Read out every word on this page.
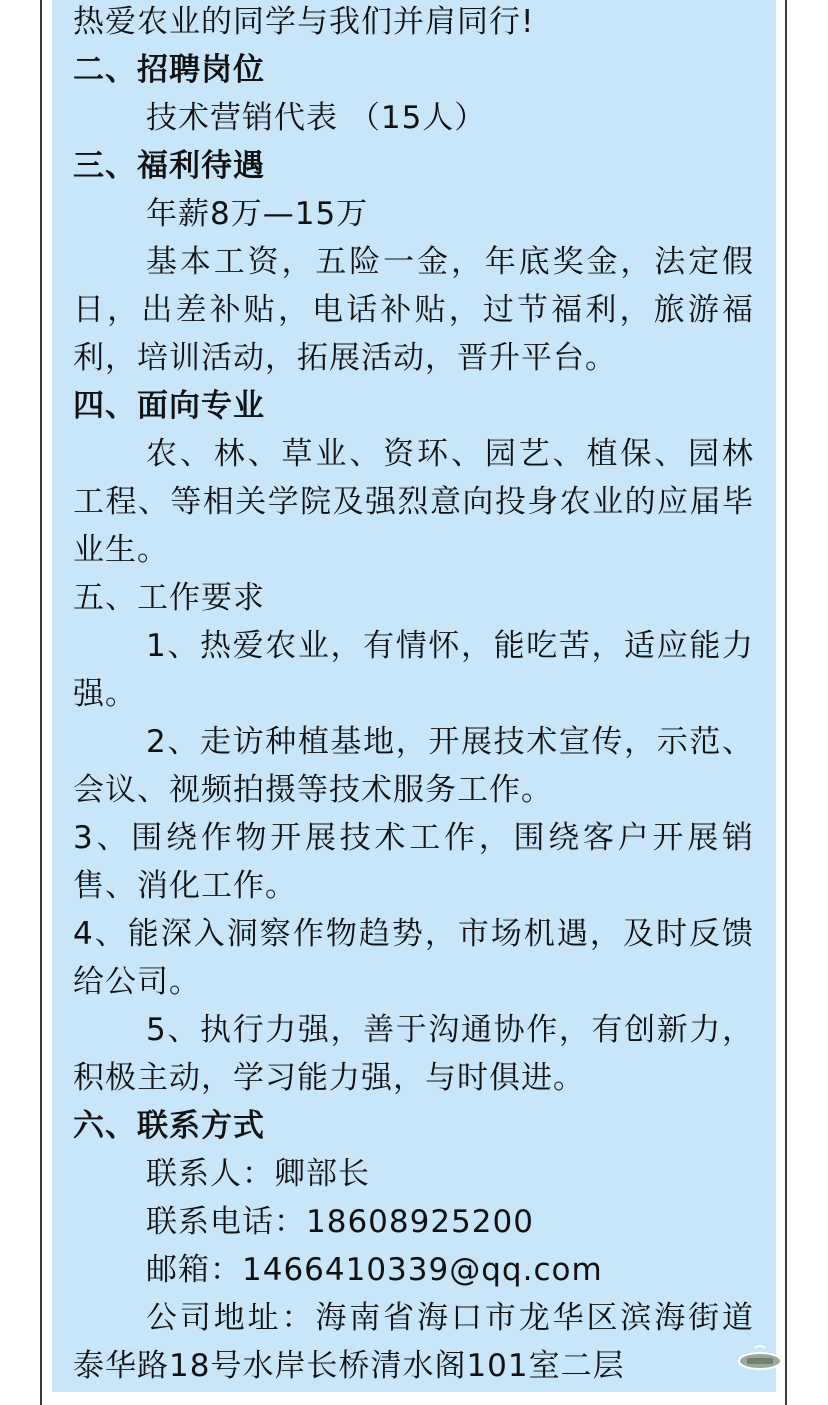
热爱农业的同学与我们并肩同行!
二、招聘岗位
技术营销代表 （15人）
三、福利待遇
年薪8万—15万
基本工资，五险一金，年底奖金，法定假
日，出差补贴，电话补贴，过节福利，旅游福
利，培训活动，拓展活动，晋升平台。
四、面向专业
农、林、草业、资环、园艺、植保、园林
工程、等相关学院及强烈意向投身农业的应届毕
业生。
五、工作要求
1、热爱农业，有情怀，能吃苦，适应能力
强。
2、走访种植基地，开展技术宣传，示范、
会议、视频拍摄等技术服务工作。
3、围绕作物开展技术工作，围绕客户开展销
售、消化工作。
4、能深入洞察作物趋势，市场机遇，及时反馈
给公司。
5、执行力强，善于沟通协作，有创新力，
积极主动，学习能力强，与时俱进。
六、联系方式
联系人：卿部长
联系电话：18608925200
邮箱：1466410339@qq.com
公司地址：海南省海口市龙华区滨海街道
泰华路18号水岸长桥清水阁101室二层
